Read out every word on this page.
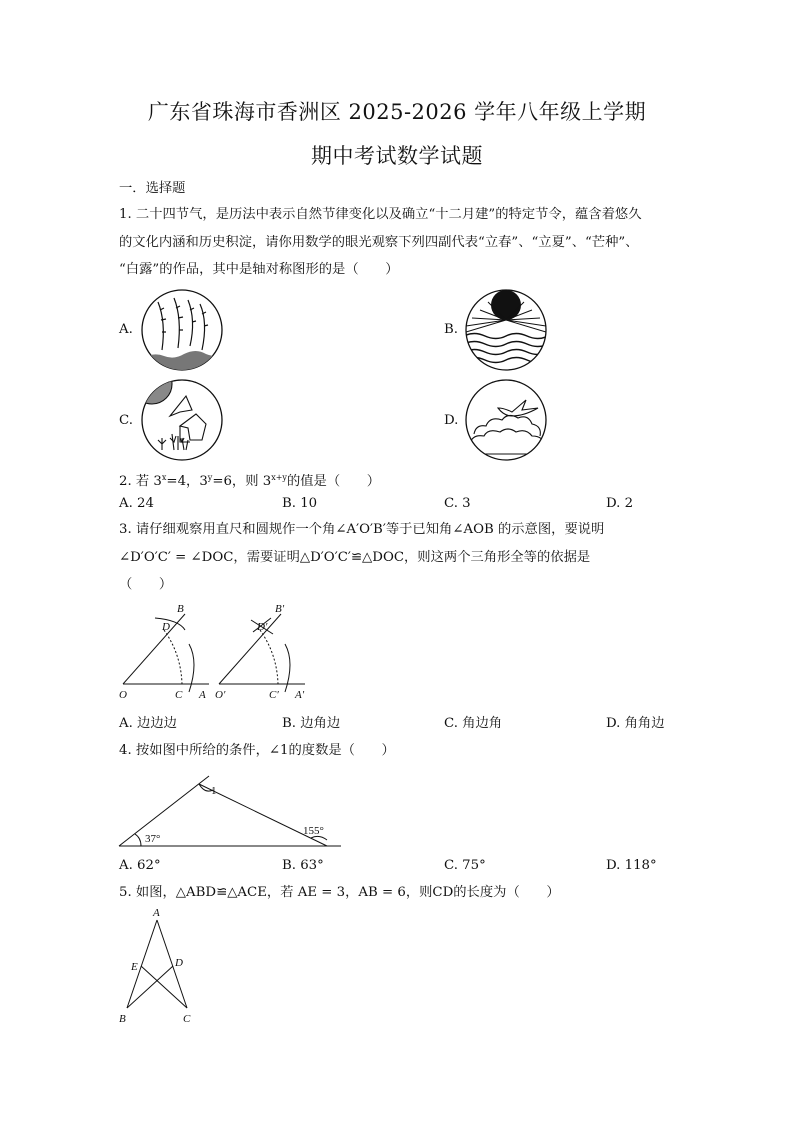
广东省珠海市香洲区 2025-2026 学年八年级上学期
期中考试数学试题
一．选择题
1. 二十四节气，是历法中表示自然节律变化以及确立“十二月建”的特定节令，蕴含着悠久
的文化内涵和历史积淀，请你用数学的眼光观察下列四副代表“立春”、“立夏”、“芒种”、
“白露”的作品，其中是轴对称图形的是（　　）
A.	B.
C.	D.
2. 若 $3^x=4$，$3^y=6$，则 $3^{x+y}$的值是（　　）
A. 24	B. 10	C. 3	D. 2
3. 请仔细观察用直尺和圆规作一个角∠A′O′B′等于已知角∠AOB 的示意图，要说明
∠D′O′C′ = ∠DOC，需要证明△D′O′C′≌△DOC，则这两个三角形全等的依据是
（　　）
B
D
O	C A
B′
D′
O′	C′ A′
A. 边边边	B. 边角边	C. 角边角	D. 角角边
4. 按如图中所给的条件，∠1的度数是（　　）
1
37°
155°
A. 62°	B. 63°	C. 75°	D. 118°
5. 如图，△ABD≌△ACE，若 AE = 3，AB = 6，则CD的长度为（　　）
A
E	D
B	C
